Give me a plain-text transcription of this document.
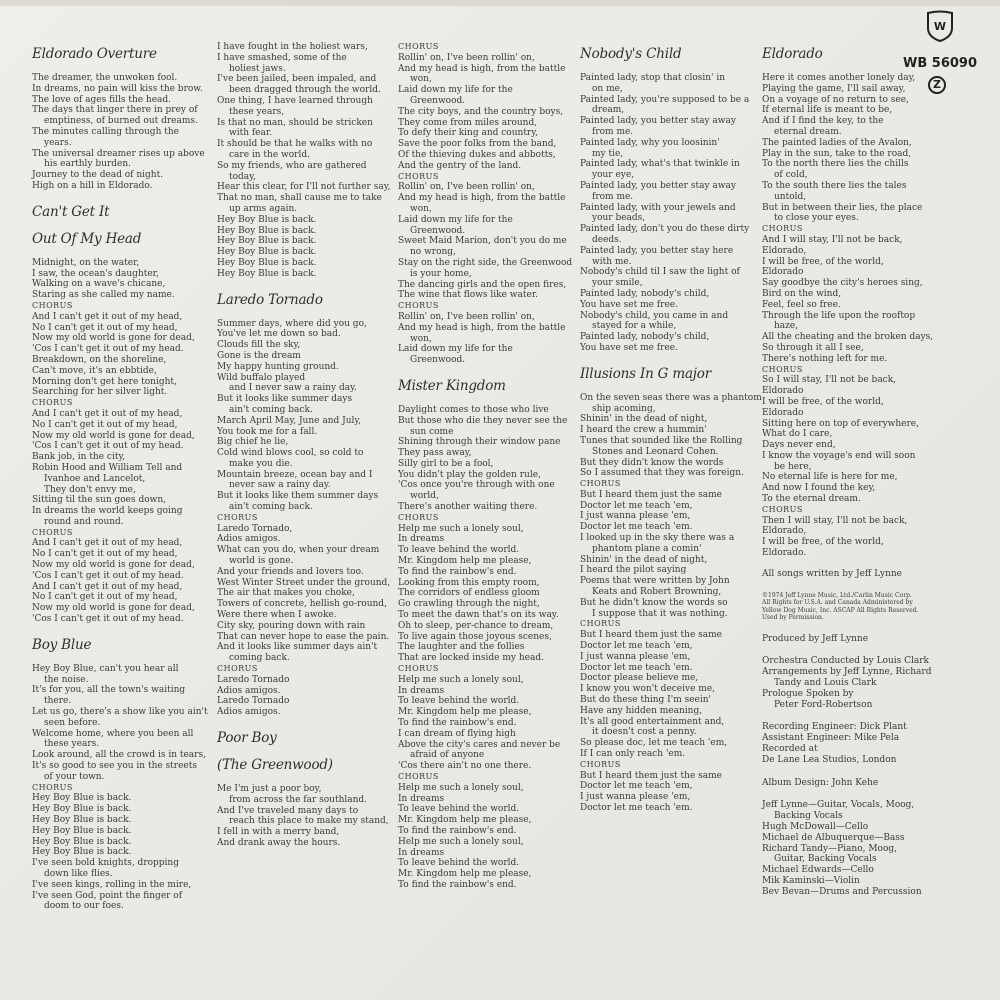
Eldorado Overture
The dreamer, the unwoken fool.
In dreams, no pain will kiss the brow.
The love of ages fills the head.
The days that linger there in prey of
emptiness, of burned out dreams.
The minutes calling through the
years.
The universal dreamer rises up above
his earthly burden.
Journey to the dead of night.
High on a hill in Eldorado.
Can't Get It
Out Of My Head
Midnight, on the water,
I saw, the ocean's daughter,
Walking on a wave's chicane,
Staring as she called my name.
CHORUS
And I can't get it out of my head,
No I can't get it out of my head,
Now my old world is gone for dead,
'Cos I can't get it out of my head.
Breakdown, on the shoreline,
Can't move, it's an ebbtide,
Morning don't get here tonight,
Searching for her silver light.
CHORUS
And I can't get it out of my head,
No I can't get it out of my head,
Now my old world is gone for dead,
'Cos I can't get it out of my head.
Bank job, in the city,
Robin Hood and William Tell and
Ivanhoe and Lancelot,
They don't envy me,
Sitting til the sun goes down,
In dreams the world keeps going
round and round.
CHORUS
And I can't get it out of my head,
No I can't get it out of my head,
Now my old world is gone for dead,
'Cos I can't get it out of my head.
And I can't get it out of my head,
No I can't get it out of my head,
Now my old world is gone for dead,
'Cos I can't get it out of my head.
Boy Blue
Hey Boy Blue, can't you hear all
the noise.
It's for you, all the town's waiting
there.
Let us go, there's a show like you ain't
seen before.
Welcome home, where you been all
these years.
Look around, all the crowd is in tears,
It's so good to see you in the streets
of your town.
CHORUS
Hey Boy Blue is back.
Hey Boy Blue is back.
Hey Boy Blue is back.
Hey Boy Blue is back.
Hey Boy Blue is back.
Hey Boy Blue is back.
I've seen bold knights, dropping
down like flies.
I've seen kings, rolling in the mire,
I've seen God, point the finger of
doom to our foes.
I have fought in the holiest wars,
I have smashed, some of the
holiest jaws.
I've been jailed, been impaled, and
been dragged through the world.
One thing, I have learned through
these years,
Is that no man, should be stricken
with fear.
It should be that he walks with no
care in the world.
So my friends, who are gathered
today,
Hear this clear, for I'll not further say,
That no man, shall cause me to take
up arms again.
Hey Boy Blue is back.
Hey Boy Blue is back.
Hey Boy Blue is back.
Hey Boy Blue is back.
Hey Boy Blue is back.
Hey Boy Blue is back.
Laredo Tornado
Summer days, where did you go,
You've let me down so bad.
Clouds fill the sky,
Gone is the dream
My happy hunting ground.
Wild buffalo played
and I never saw a rainy day.
But it looks like summer days
ain't coming back.
March April May, June and July,
You took me for a fall.
Big chief he lie,
Cold wind blows cool, so cold to
make you die.
Mountain breeze, ocean bay and I
never saw a rainy day.
But it looks like them summer days
ain't coming back.
CHORUS
Laredo Tornado,
Adios amigos.
What can you do, when your dream
world is gone.
And your friends and lovers too.
West Winter Street under the ground,
The air that makes you choke,
Towers of concrete, hellish go-round,
Were there when I awoke.
City sky, pouring down with rain
That can never hope to ease the pain.
And it looks like summer days ain't
coming back.
CHORUS
Laredo Tornado
Adios amigos.
Laredo Tornado
Adios amigos.
Poor Boy
(The Greenwood)
Me I'm just a poor boy,
from across the far southland.
And I've traveled many days to
reach this place to make my stand,
I fell in with a merry band,
And drank away the hours.
CHORUS
Rollin' on, I've been rollin' on,
And my head is high, from the battle
won,
Laid down my life for the
Greenwood.
The city boys, and the country boys,
They come from miles around,
To defy their king and country,
Save the poor folks from the band,
Of the thieving dukes and abbotts,
And the gentry of the land.
CHORUS
Rollin' on, I've been rollin' on,
And my head is high, from the battle
won,
Laid down my life for the
Greenwood.
Sweet Maid Marion, don't you do me
no wrong,
Stay on the right side, the Greenwood
is your home,
The dancing girls and the open fires,
The wine that flows like water.
CHORUS
Rollin' on, I've been rollin' on,
And my head is high, from the battle
won,
Laid down my life for the
Greenwood.
Mister Kingdom
Daylight comes to those who live
But those who die they never see the
sun come
Shining through their window pane
They pass away,
Silly girl to be a fool,
You didn't play the golden rule,
'Cos once you're through with one
world,
There's another waiting there.
CHORUS
Help me such a lonely soul,
In dreams
To leave behind the world.
Mr. Kingdom help me please,
To find the rainbow's end.
Looking from this empty room,
The corridors of endless gloom
Go crawling through the night,
To meet the dawn that's on its way.
Oh to sleep, per-chance to dream,
To live again those joyous scenes,
The laughter and the follies
That are locked inside my head.
CHORUS
Help me such a lonely soul,
In dreams
To leave behind the world.
Mr. Kingdom help me please,
To find the rainbow's end.
I can dream of flying high
Above the city's cares and never be
afraid of anyone
'Cos there ain't no one there.
CHORUS
Help me such a lonely soul,
In dreams
To leave behind the world.
Mr. Kingdom help me please,
To find the rainbow's end.
Help me such a lonely soul,
In dreams
To leave behind the world.
Mr. Kingdom help me please,
To find the rainbow's end.
Nobody's Child
Painted lady, stop that closin' in
on me,
Painted lady, you're supposed to be a
dream,
Painted lady, you better stay away
from me.
Painted lady, why you loosinin'
my tie,
Painted lady, what's that twinkle in
your eye,
Painted lady, you better stay away
from me.
Painted lady, with your jewels and
your beads,
Painted lady, don't you do these dirty
deeds.
Painted lady, you better stay here
with me.
Nobody's child til I saw the light of
your smile,
Painted lady, nobody's child,
You have set me free.
Nobody's child, you came in and
stayed for a while,
Painted lady, nobody's child,
You have set me free.
Illusions In G major
On the seven seas there was a phantom
ship acoming,
Shinin' in the dead of night,
I heard the crew a hummin'
Tunes that sounded like the Rolling
Stones and Leonard Cohen.
But they didn't know the words
So I assumed that they was foreign.
CHORUS
But I heard them just the same
Doctor let me teach 'em,
I just wanna please 'em,
Doctor let me teach 'em.
I looked up in the sky there was a
phantom plane a comin'
Shinin' in the dead of night,
I heard the pilot saying
Poems that were written by John
Keats and Robert Browning,
But he didn't know the words so
I suppose that it was nothing.
CHORUS
But I heard them just the same
Doctor let me teach 'em,
I just wanna please 'em,
Doctor let me teach 'em.
Doctor please believe me,
I know you won't deceive me,
But do these thing I'm seein'
Have any hidden meaning,
It's all good entertainment and,
it doesn't cost a penny.
So please doc, let me teach 'em,
If I can only reach 'em.
CHORUS
But I heard them just the same
Doctor let me teach 'em,
I just wanna please 'em,
Doctor let me teach 'em.
Eldorado
Here it comes another lonely day,
Playing the game, I'll sail away,
On a voyage of no return to see,
If eternal life is meant to be,
And if I find the key, to the
eternal dream.
The painted ladies of the Avalon,
Play in the sun, take to the road,
To the north there lies the chills
of cold,
To the south there lies the tales
untold,
But in between their lies, the place
to close your eyes.
CHORUS
And I will stay, I'll not be back,
Eldorado,
I will be free, of the world,
Eldorado
Say goodbye the city's heroes sing,
Bird on the wind,
Feel, feel so free.
Through the life upon the rooftop
haze,
All the cheating and the broken days,
So through it all I see,
There's nothing left for me.
CHORUS
So I will stay, I'll not be back,
Eldorado
I will be free, of the world,
Eldorado
Sitting here on top of everywhere,
What do I care,
Days never end,
I know the voyage's end will soon
be here,
No eternal life is here for me,
And now I found the key,
To the eternal dream.
CHORUS
Then I will stay, I'll not be back,
Eldorado,
I will be free, of the world,
Eldorado.
All songs written by Jeff Lynne
©1974 Jeff Lynne Music, Ltd./Carlin Music Corp.
All Rights for U.S.A. and Canada Administered by
Yellow Dog Music, Inc. ASCAP All Rights Reserved.
Used by Permission.
Produced by Jeff Lynne
Orchestra Conducted by Louis Clark
Arrangements by Jeff Lynne, Richard
Tandy and Louis Clark
Prologue Spoken by
Peter Ford-Robertson
Recording Engineer: Dick Plant
Assistant Engineer: Mike Pela
Recorded at
De Lane Lea Studios, London
Album Design: John Kehe
Jeff Lynne—Guitar, Vocals, Moog,
Backing Vocals
Hugh McDowall—Cello
Michael de Albuquerque—Bass
Richard Tandy—Piano, Moog,
Guitar, Backing Vocals
Michael Edwards—Cello
Mik Kaminski—Violin
Bev Bevan—Drums and Percussion
W
WB 56090
Z
